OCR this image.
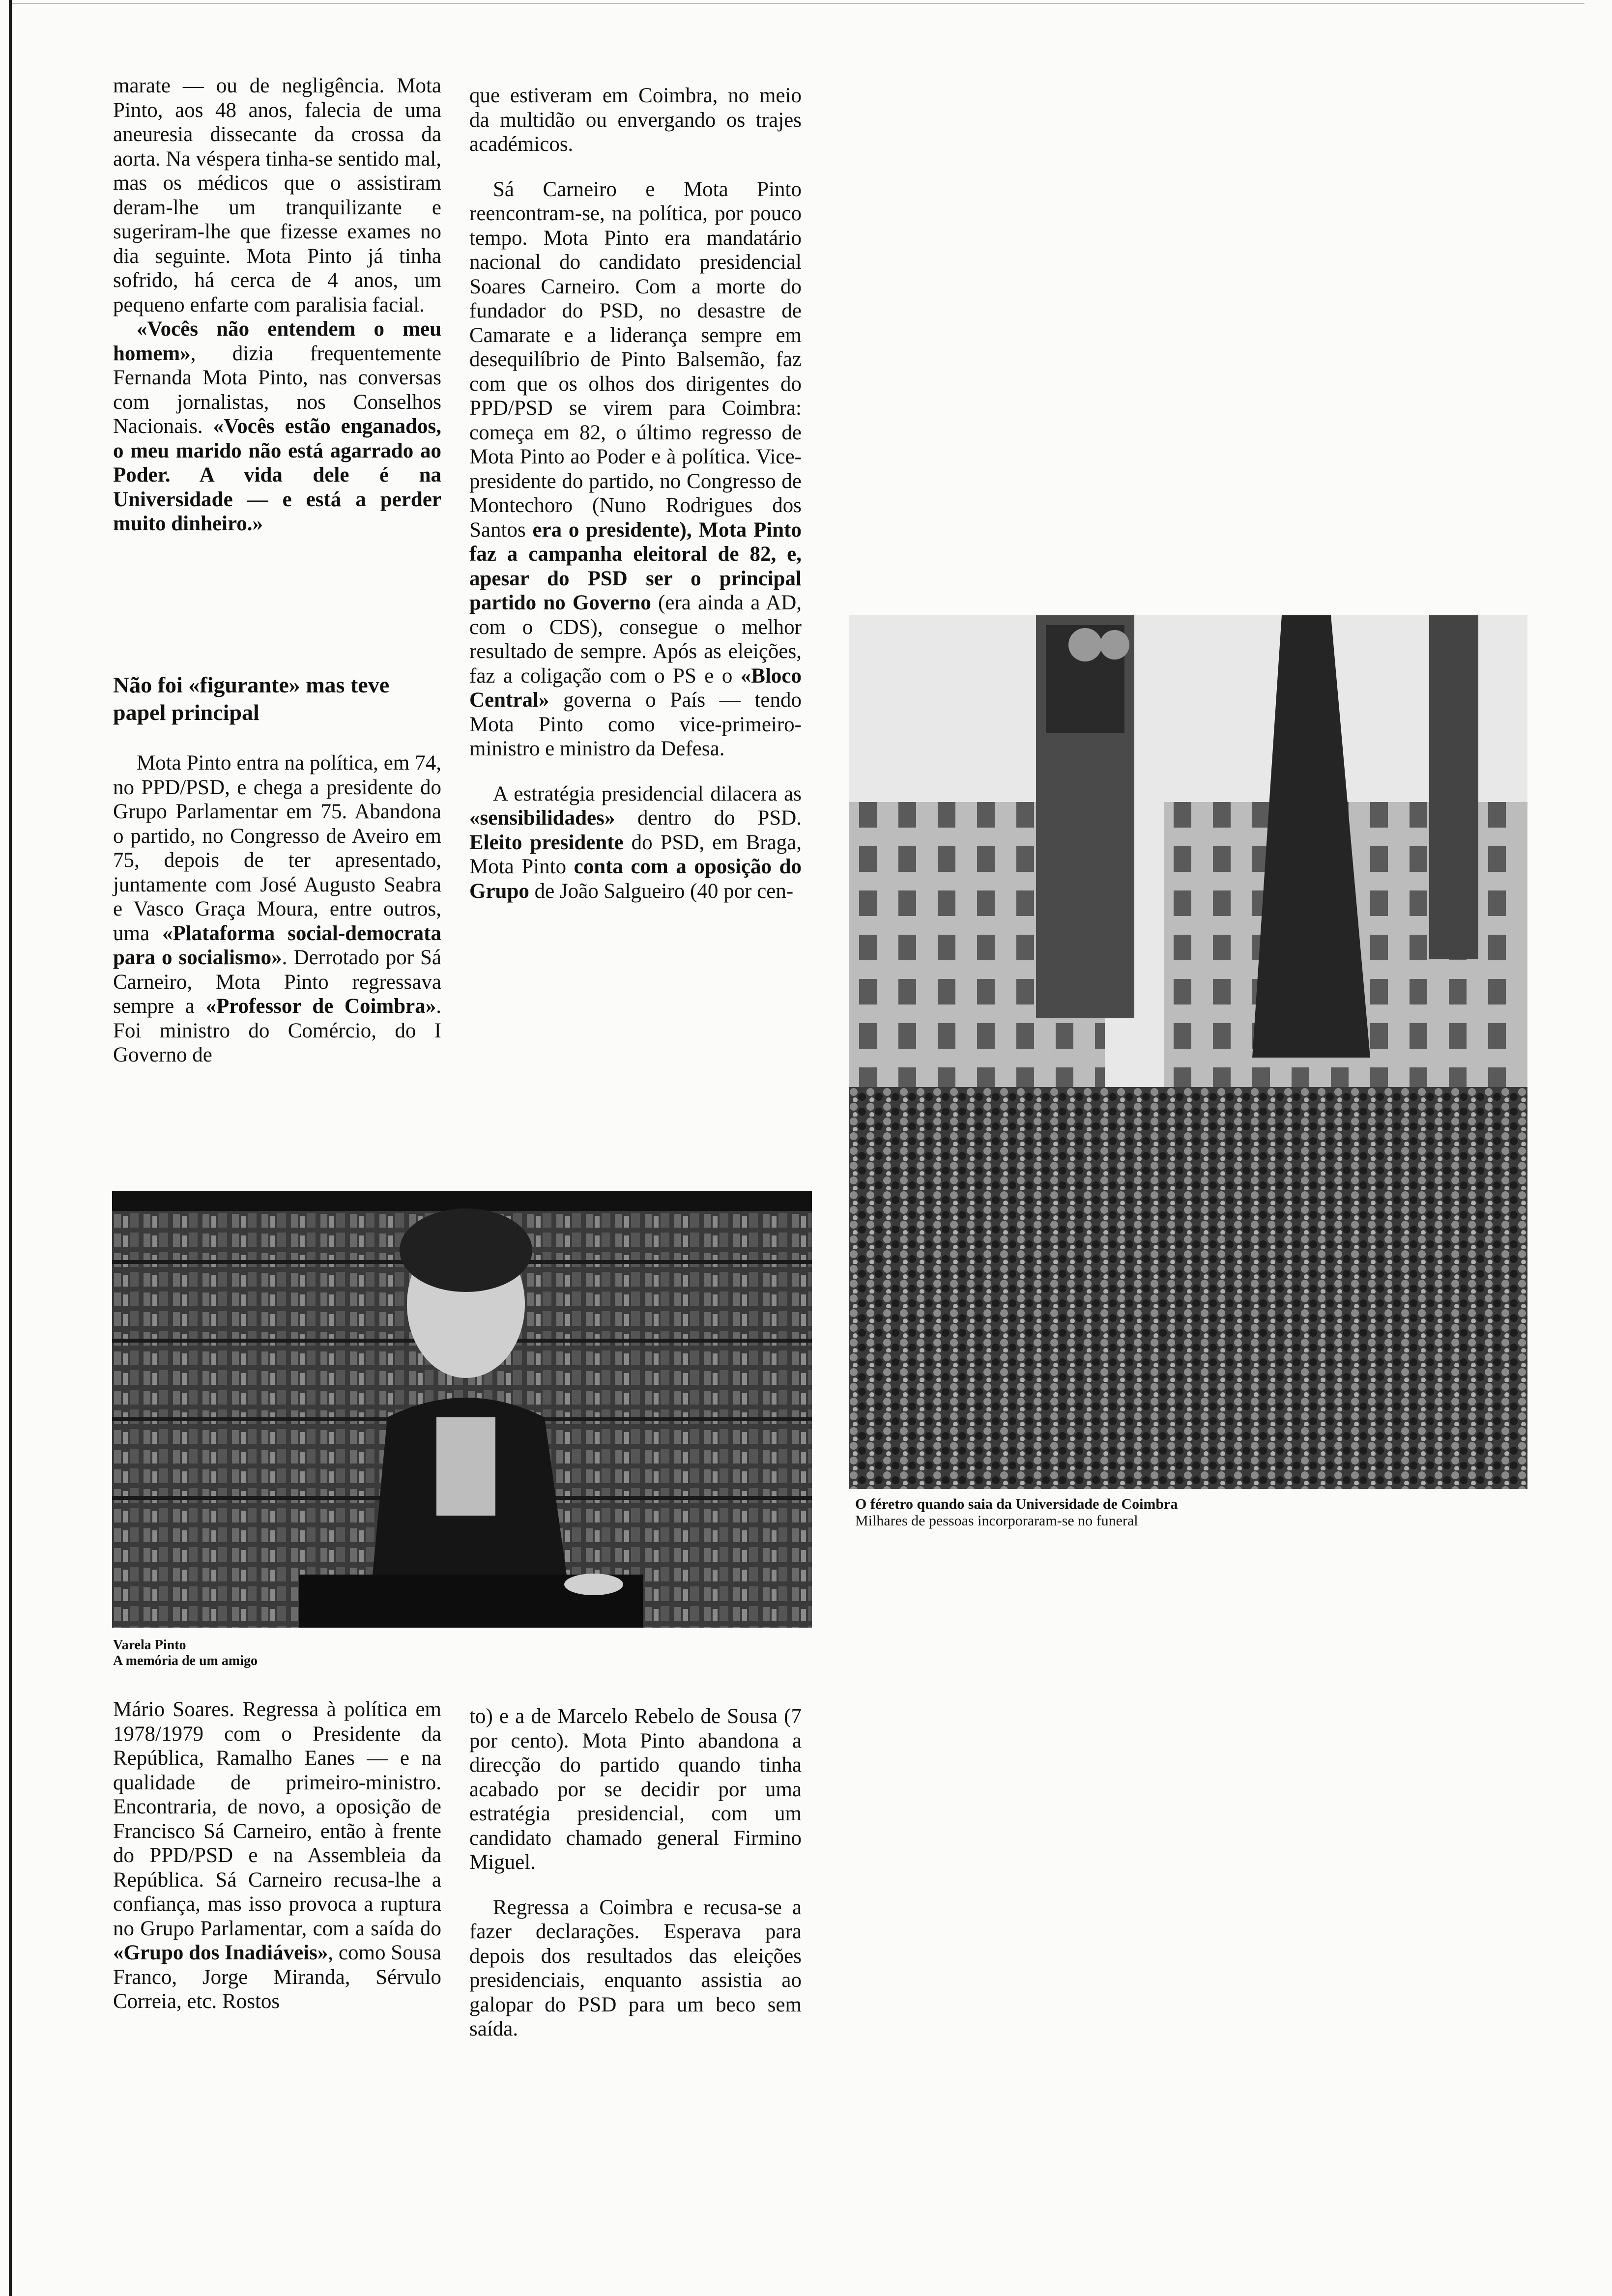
marate — ou de negligência. Mota Pinto, aos 48 anos, falecia de uma aneuresia dissecante da crossa da aorta. Na véspera tinha-se sentido mal, mas os médicos que o assistiram deram-lhe um tranquilizante e sugeriram-lhe que fizesse exames no dia seguinte. Mota Pinto já tinha sofrido, há cerca de 4 anos, um pequeno enfarte com paralisia facial.

«Vocês não entendem o meu homem», dizia frequentemente Fernanda Mota Pinto, nas conversas com jornalistas, nos Conselhos Nacionais. «Vocês estão enganados, o meu marido não está agarrado ao Poder. A vida dele é na Universidade — e está a perder muito dinheiro.»

Não foi «figurante» mas teve papel principal

Mota Pinto entra na política, em 74, no PPD/PSD, e chega a presidente do Grupo Parlamentar em 75. Abandona o partido, no Congresso de Aveiro em 75, depois de ter apresentado, juntamente com José Augusto Seabra e Vasco Graça Moura, entre outros, uma «Plataforma social-democrata para o socialismo». Derrotado por Sá Carneiro, Mota Pinto regressava sempre a «Professor de Coimbra». Foi ministro do Comércio, do I Governo de

que estiveram em Coimbra, no meio da multidão ou envergando os trajes académicos.

Sá Carneiro e Mota Pinto reencontram-se, na política, por pouco tempo. Mota Pinto era mandatário nacional do candidato presidencial Soares Carneiro. Com a morte do fundador do PSD, no desastre de Camarate e a liderança sempre em desequilíbrio de Pinto Balsemão, faz com que os olhos dos dirigentes do PPD/PSD se virem para Coimbra: começa em 82, o último regresso de Mota Pinto ao Poder e à política. Vice-presidente do partido, no Congresso de Montechoro (Nuno Rodrigues dos Santos era o presidente), Mota Pinto faz a campanha eleitoral de 82, e, apesar do PSD ser o principal partido no Governo (era ainda a AD, com o CDS), consegue o melhor resultado de sempre. Após as eleições, faz a coligação com o PS e o «Bloco Central» governa o País — tendo Mota Pinto como vice-primeiro-ministro e ministro da Defesa.

A estratégia presidencial dilacera as «sensibilidades» dentro do PSD. Eleito presidente do PSD, em Braga, Mota Pinto conta com a oposição do Grupo de João Salgueiro (40 por cen-

O féretro quando saia da Universidade de Coimbra
Milhares de pessoas incorporaram-se no funeral
Varela Pinto
A memória de um amigo

Mário Soares. Regressa à política em 1978/1979 com o Presidente da República, Ramalho Eanes — e na qualidade de primeiro-ministro. Encontraria, de novo, a oposição de Francisco Sá Carneiro, então à frente do PPD/PSD e na Assembleia da República. Sá Carneiro recusa-lhe a confiança, mas isso provoca a ruptura no Grupo Parlamentar, com a saída do «Grupo dos Inadiáveis», como Sousa Franco, Jorge Miranda, Sérvulo Correia, etc. Rostos

to) e a de Marcelo Rebelo de Sousa (7 por cento). Mota Pinto abandona a direcção do partido quando tinha acabado por se decidir por uma estratégia presidencial, com um candidato chamado general Firmino Miguel.

Regressa a Coimbra e recusa-se a fazer declarações. Esperava para depois dos resultados das eleições presidenciais, enquanto assistia ao galopar do PSD para um beco sem saída.
